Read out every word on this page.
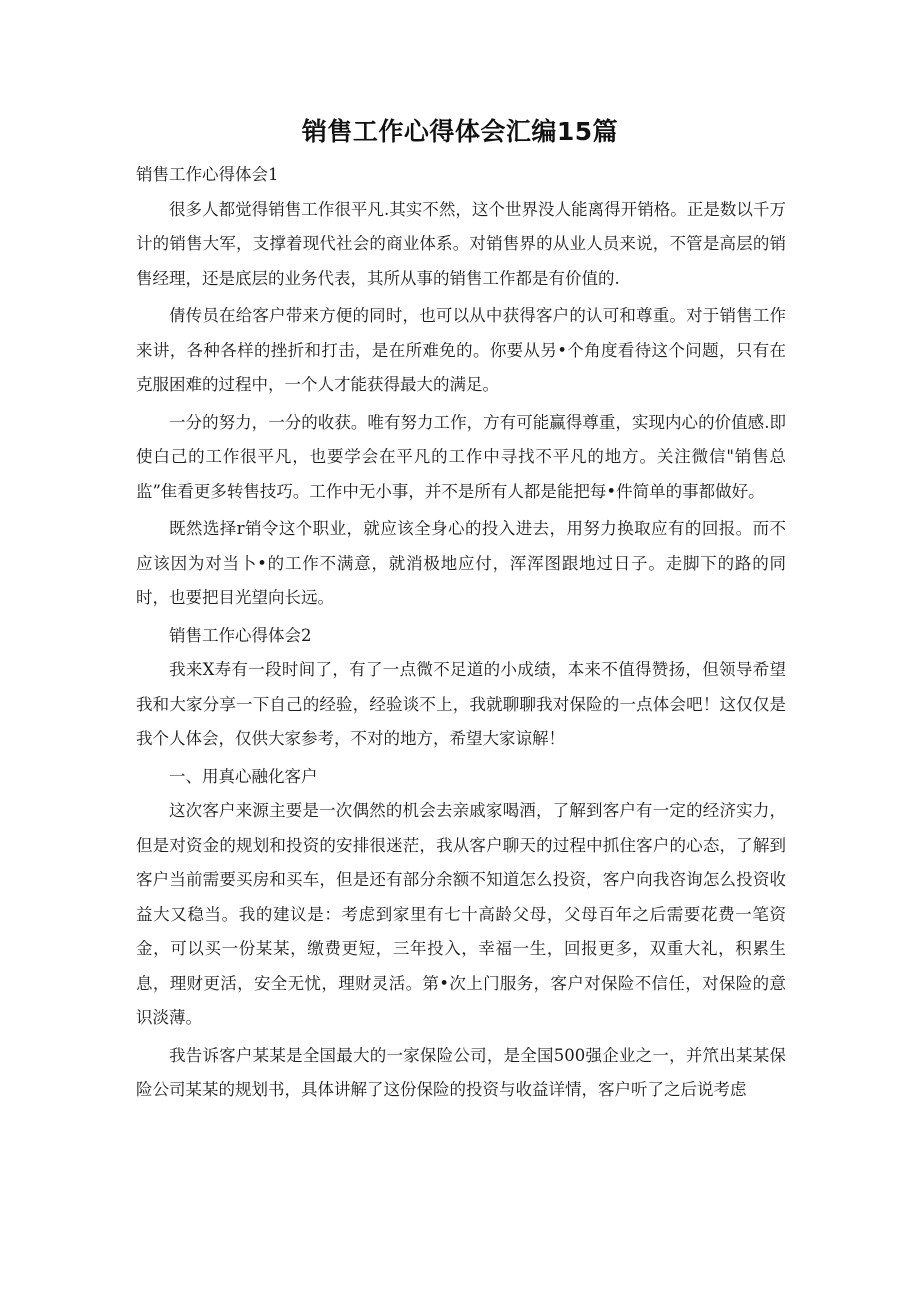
销售工作心得体会汇编15篇

销售工作心得体会1

很多人都觉得销售工作很平凡.其实不然，这个世界没人能离得开销格。正是数以千万计的销售大军，支撑着现代社会的商业体系。对销售界的从业人员来说，不管是高层的销售经理，还是底层的业务代表，其所从事的销售工作都是有价值的.

倩传员在给客户带来方便的同时，也可以从中获得客户的认可和尊重。对于销售工作来讲，各种各样的挫折和打击，是在所难免的。你要从另•个角度看待这个问题，只有在克服困难的过程中，一个人才能获得最大的满足。

一分的努力，一分的收获。唯有努力工作，方有可能赢得尊重，实现内心的价值感.即使白己的工作很平凡，也要学会在平凡的工作中寻找不平凡的地方。关注微信"销售总监”隹看更多转售技巧。工作中无小事，并不是所有人都是能把每•件简单的事都做好。

既然选择r销令这个职业，就应该全身心的投入进去，用努力换取应有的回报。而不应该因为对当卜•的工作不满意，就消极地应付，浑浑图跟地过日子。走脚下的路的同时，也要把目光望向长远。

销售工作心得体会2

我来X寿有一段时间了，有了一点微不足道的小成绩，本来不值得赞扬，但领导希望我和大家分享一下自己的经验，经验谈不上，我就聊聊我对保险的一点体会吧！这仅仅是我个人体会，仅供大家参考，不对的地方，希望大家谅解！

一、用真心融化客户

这次客户来源主要是一次偶然的机会去亲戚家喝酒，了解到客户有一定的经济实力，但是对资金的规划和投资的安排很迷茫，我从客户聊天的过程中抓住客户的心态，了解到客户当前需要买房和买车，但是还有部分余额不知道怎么投资，客户向我咨询怎么投资收益大又稳当。我的建议是：考虑到家里有七十高龄父母，父母百年之后需要花费一笔资金，可以买一份某某，缴费更短，三年投入，幸福一生，回报更多，双重大礼，积累生息，理财更活，安全无忧，理财灵活。第•次上门服务，客户对保险不信任，对保险的意识淡薄。

我告诉客户某某是全国最大的一家保险公司，是全国500强企业之一，并笊出某某保险公司某某的规划书，具体讲解了这份保险的投资与收益详情，客户听了之后说考虑
